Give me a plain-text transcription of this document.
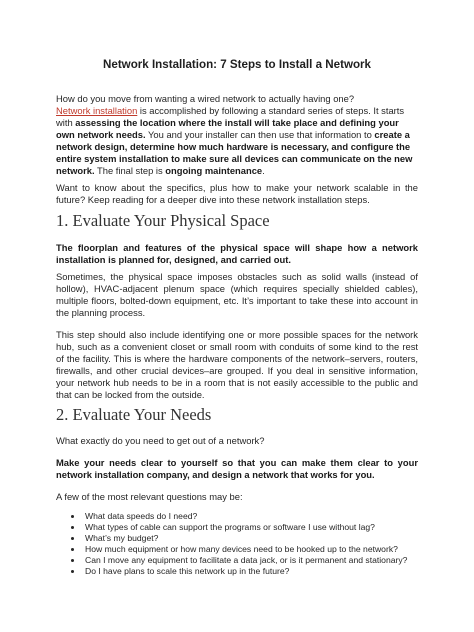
Network Installation: 7 Steps to Install a Network

How do you move from wanting a wired network to actually having one?
Network installation is accomplished by following a standard series of steps. It starts with assessing the location where the install will take place and defining your own network needs. You and your installer can then use that information to create a network design, determine how much hardware is necessary, and configure the entire system installation to make sure all devices can communicate on the new network. The final step is ongoing maintenance.

Want to know about the specifics, plus how to make your network scalable in the future? Keep reading for a deeper dive into these network installation steps.

1. Evaluate Your Physical Space

The floorplan and features of the physical space will shape how a network installation is planned for, designed, and carried out.

Sometimes, the physical space imposes obstacles such as solid walls (instead of hollow), HVAC-adjacent plenum space (which requires specially shielded cables), multiple floors, bolted-down equipment, etc. It’s important to take these into account in the planning process.

This step should also include identifying one or more possible spaces for the network hub, such as a convenient closet or small room with conduits of some kind to the rest of the facility. This is where the hardware components of the network–servers, routers, firewalls, and other crucial devices–are grouped. If you deal in sensitive information, your network hub needs to be in a room that is not easily accessible to the public and that can be locked from the outside.

2. Evaluate Your Needs

What exactly do you need to get out of a network?

Make your needs clear to yourself so that you can make them clear to your network installation company, and design a network that works for you.

A few of the most relevant questions may be:

• What data speeds do I need?
• What types of cable can support the programs or software I use without lag?
• What’s my budget?
• How much equipment or how many devices need to be hooked up to the network?
• Can I move any equipment to facilitate a data jack, or is it permanent and stationary?
• Do I have plans to scale this network up in the future?
